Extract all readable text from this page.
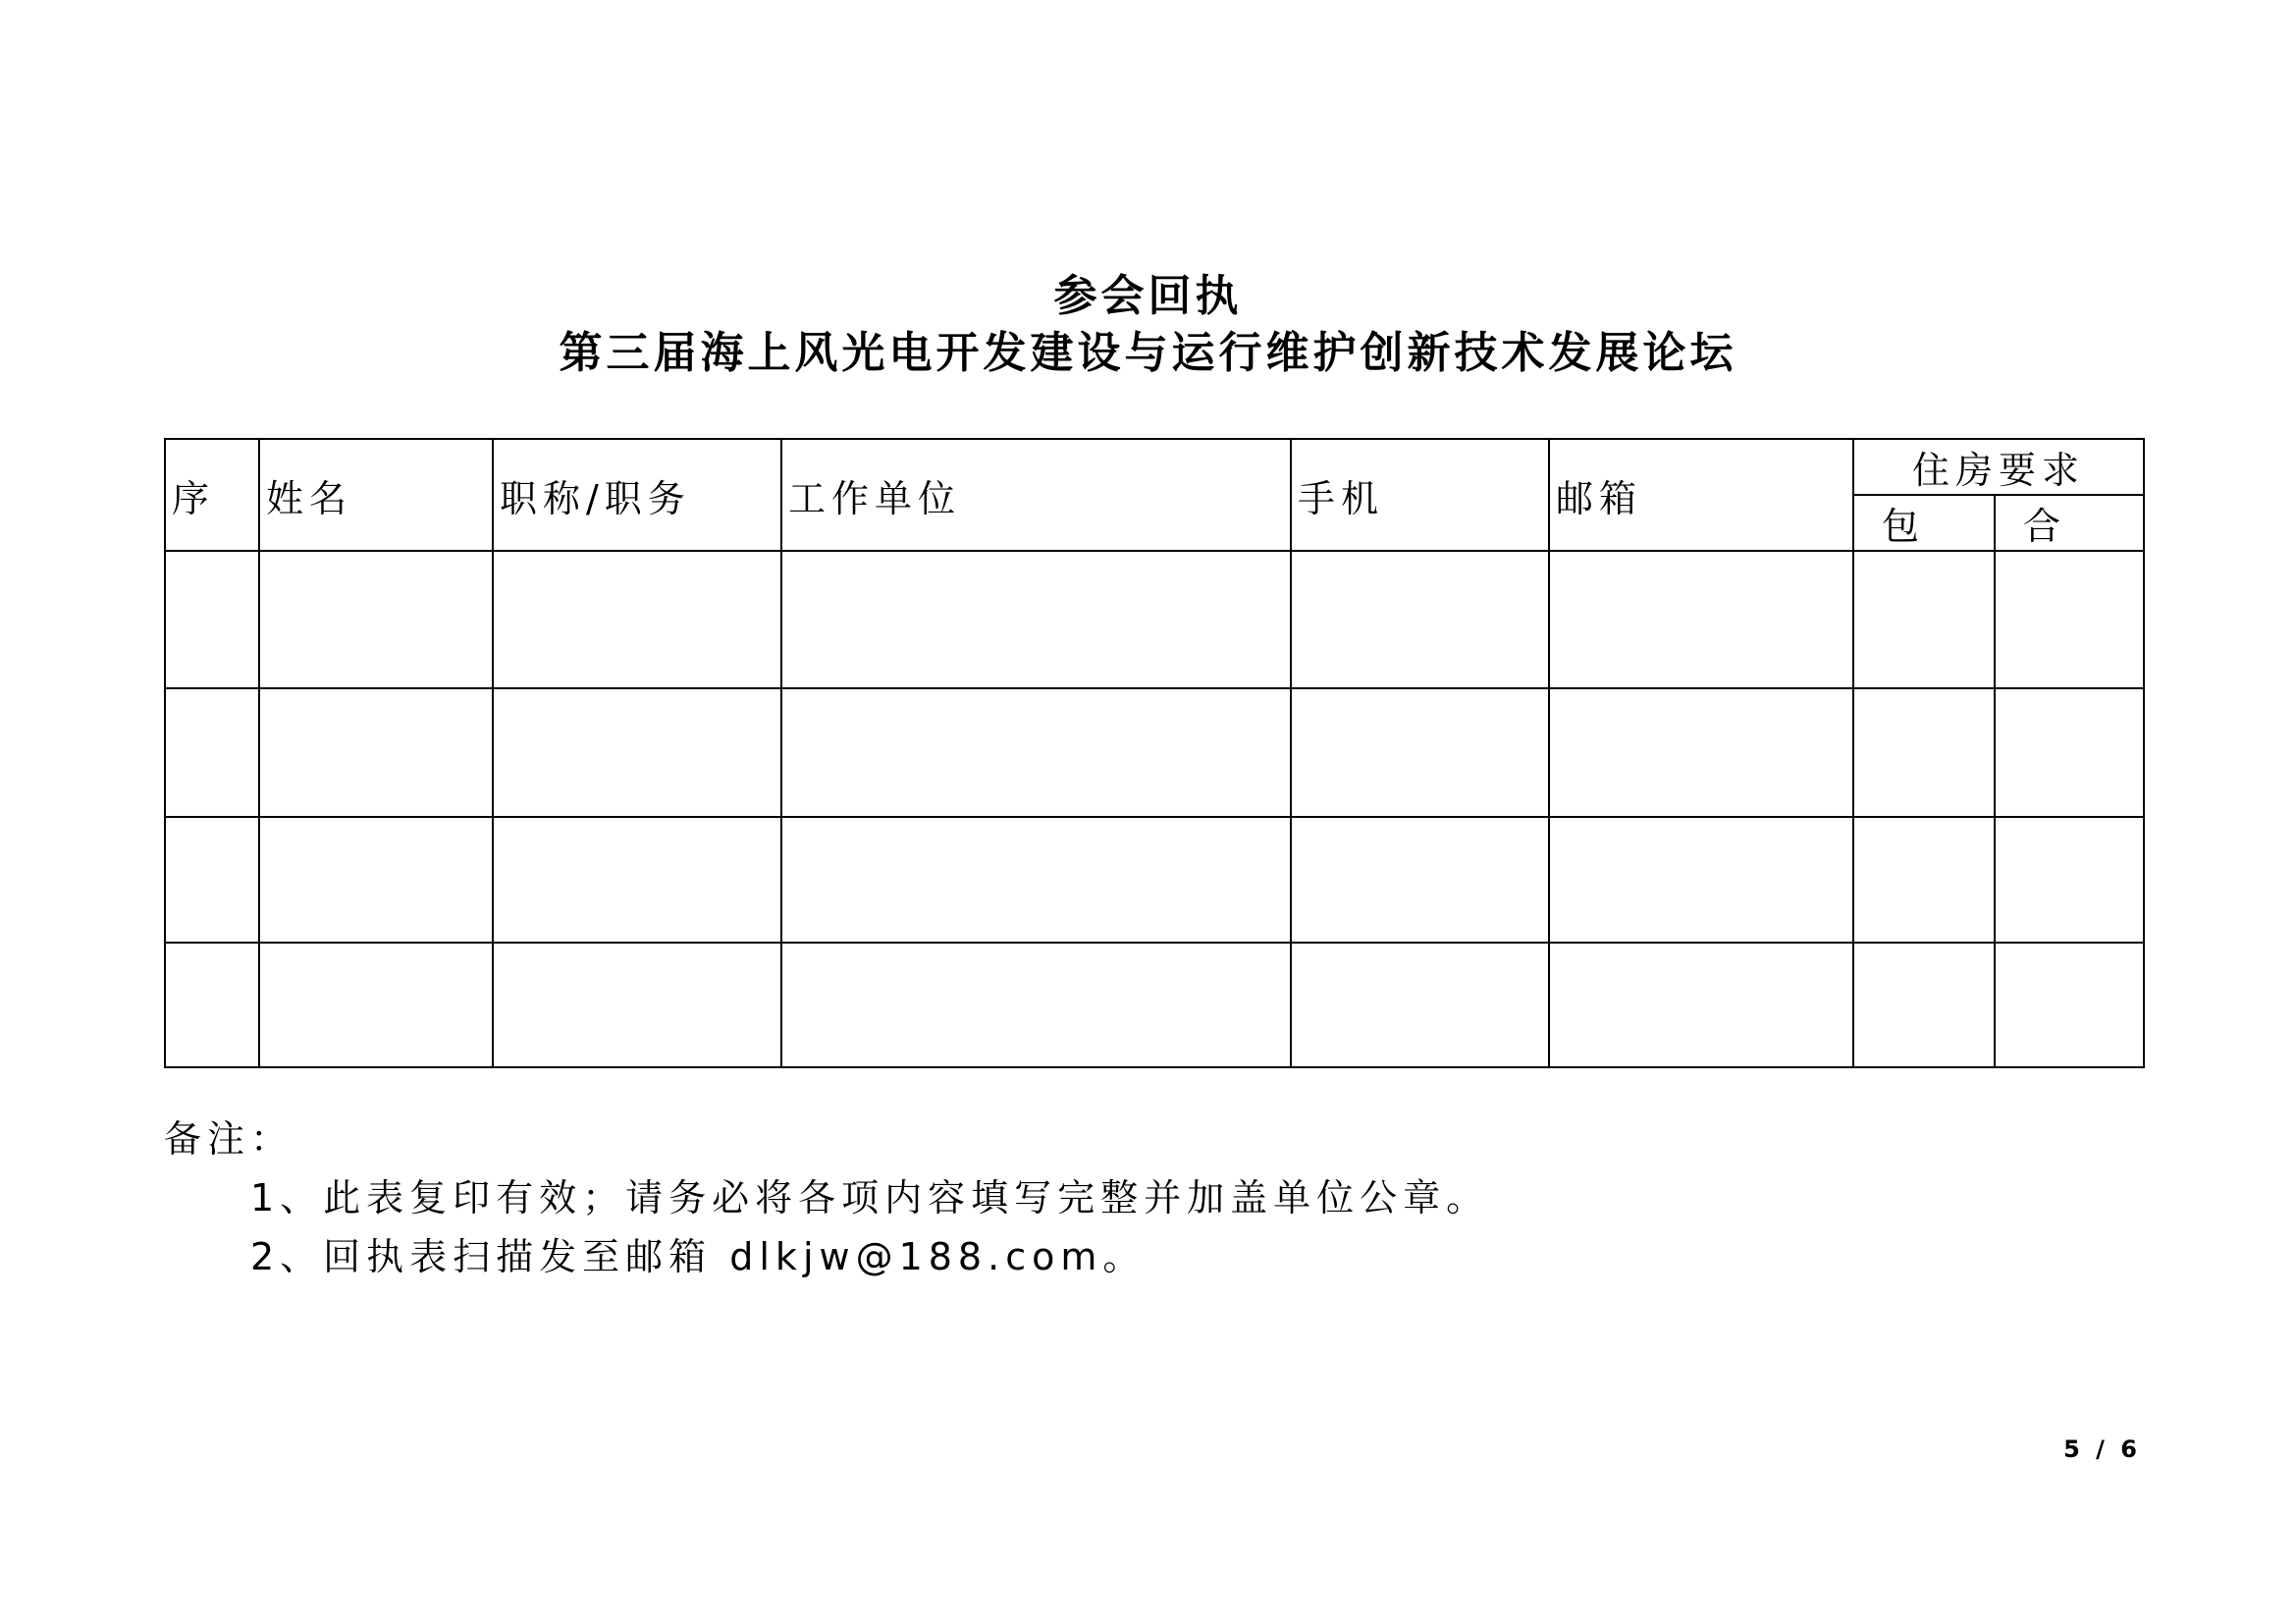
参会回执
第三届海上风光电开发建设与运行维护创新技术发展论坛
序	姓名	职称/职务	工作单位	手机	邮箱	住房要求	
						包	合

备注：
1、此表复印有效；请务必将各项内容填写完整并加盖单位公章。
2、回执表扫描发至邮箱 dlkjw@188.com。
5 / 6
